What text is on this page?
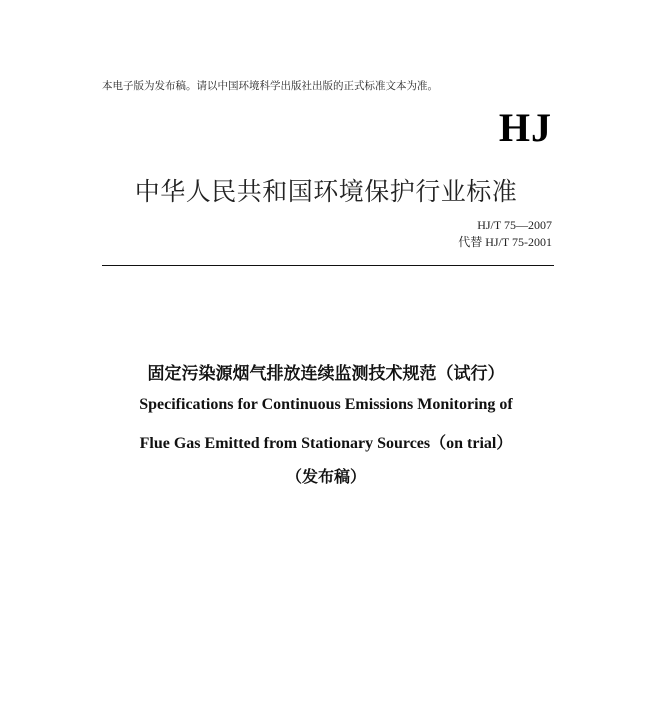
本电子版为发布稿。请以中国环境科学出版社出版的正式标准文本为准。
HJ
中华人民共和国环境保护行业标准
HJ/T 75—2007
代替 HJ/T 75-2001
固定污染源烟气排放连续监测技术规范（试行）
Specifications for Continuous Emissions Monitoring of
Flue Gas Emitted from Stationary Sources（on trial）
（发布稿）
